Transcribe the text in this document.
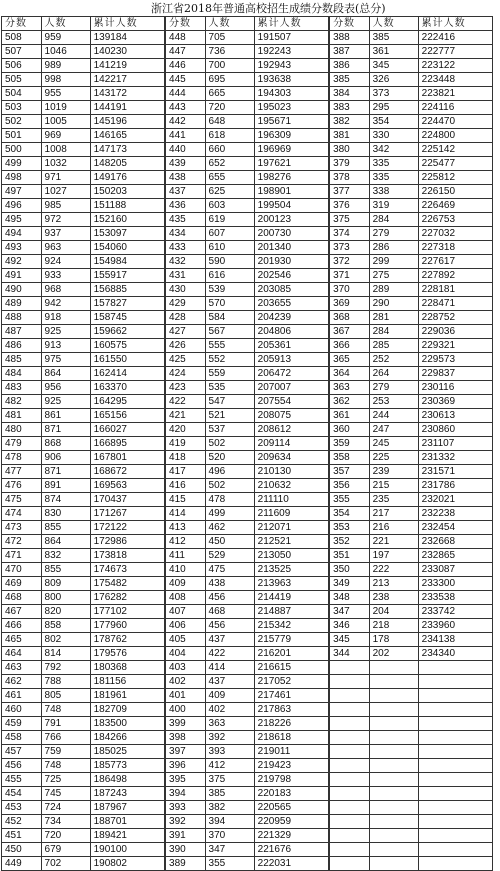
浙江省2018年普通高校招生成绩分数段表(总分)
分数	人数	累计人数		分数	人数	累计人数		分数	人数	累计人数
508	959	139184		448	705	191507		388	385	222416
507	1046	140230		447	736	192243		387	361	222777
506	989	141219		446	700	192943		386	345	223122
505	998	142217		445	695	193638		385	326	223448
504	955	143172		444	665	194303		384	373	223821
503	1019	144191		443	720	195023		383	295	224116
502	1005	145196		442	648	195671		382	354	224470
501	969	146165		441	618	196309		381	330	224800
500	1008	147173		440	660	196969		380	342	225142
499	1032	148205		439	652	197621		379	335	225477
498	971	149176		438	655	198276		378	335	225812
497	1027	150203		437	625	198901		377	338	226150
496	985	151188		436	603	199504		376	319	226469
495	972	152160		435	619	200123		375	284	226753
494	937	153097		434	607	200730		374	279	227032
493	963	154060		433	610	201340		373	286	227318
492	924	154984		432	590	201930		372	299	227617
491	933	155917		431	616	202546		371	275	227892
490	968	156885		430	539	203085		370	289	228181
489	942	157827		429	570	203655		369	290	228471
488	918	158745		428	584	204239		368	281	228752
487	925	159662		427	567	204806		367	284	229036
486	913	160575		426	555	205361		366	285	229321
485	975	161550		425	552	205913		365	252	229573
484	864	162414		424	559	206472		364	264	229837
483	956	163370		423	535	207007		363	279	230116
482	925	164295		422	547	207554		362	253	230369
481	861	165156		421	521	208075		361	244	230613
480	871	166027		420	537	208612		360	247	230860
479	868	166895		419	502	209114		359	245	231107
478	906	167801		418	520	209634		358	225	231332
477	871	168672		417	496	210130		357	239	231571
476	891	169563		416	502	210632		356	215	231786
475	874	170437		415	478	211110		355	235	232021
474	830	171267		414	499	211609		354	217	232238
473	855	172122		413	462	212071		353	216	232454
472	864	172986		412	450	212521		352	221	232668
471	832	173818		411	529	213050		351	197	232865
470	855	174673		410	475	213525		350	222	233087
469	809	175482		409	438	213963		349	213	233300
468	800	176282		408	456	214419		348	238	233538
467	820	177102		407	468	214887		347	204	233742
466	858	177960		406	456	215342		346	218	233960
465	802	178762		405	437	215779		345	178	234138
464	814	179576		404	422	216201		344	202	234340
463	792	180368		403	414	216615				
462	788	181156		402	437	217052				
461	805	181961		401	409	217461				
460	748	182709		400	402	217863				
459	791	183500		399	363	218226				
458	766	184266		398	392	218618				
457	759	185025		397	393	219011				
456	748	185773		396	412	219423				
455	725	186498		395	375	219798				
454	745	187243		394	385	220183				
453	724	187967		393	382	220565				
452	734	188701		392	394	220959				
451	720	189421		391	370	221329				
450	679	190100		390	347	221676				
449	702	190802		389	355	222031				
